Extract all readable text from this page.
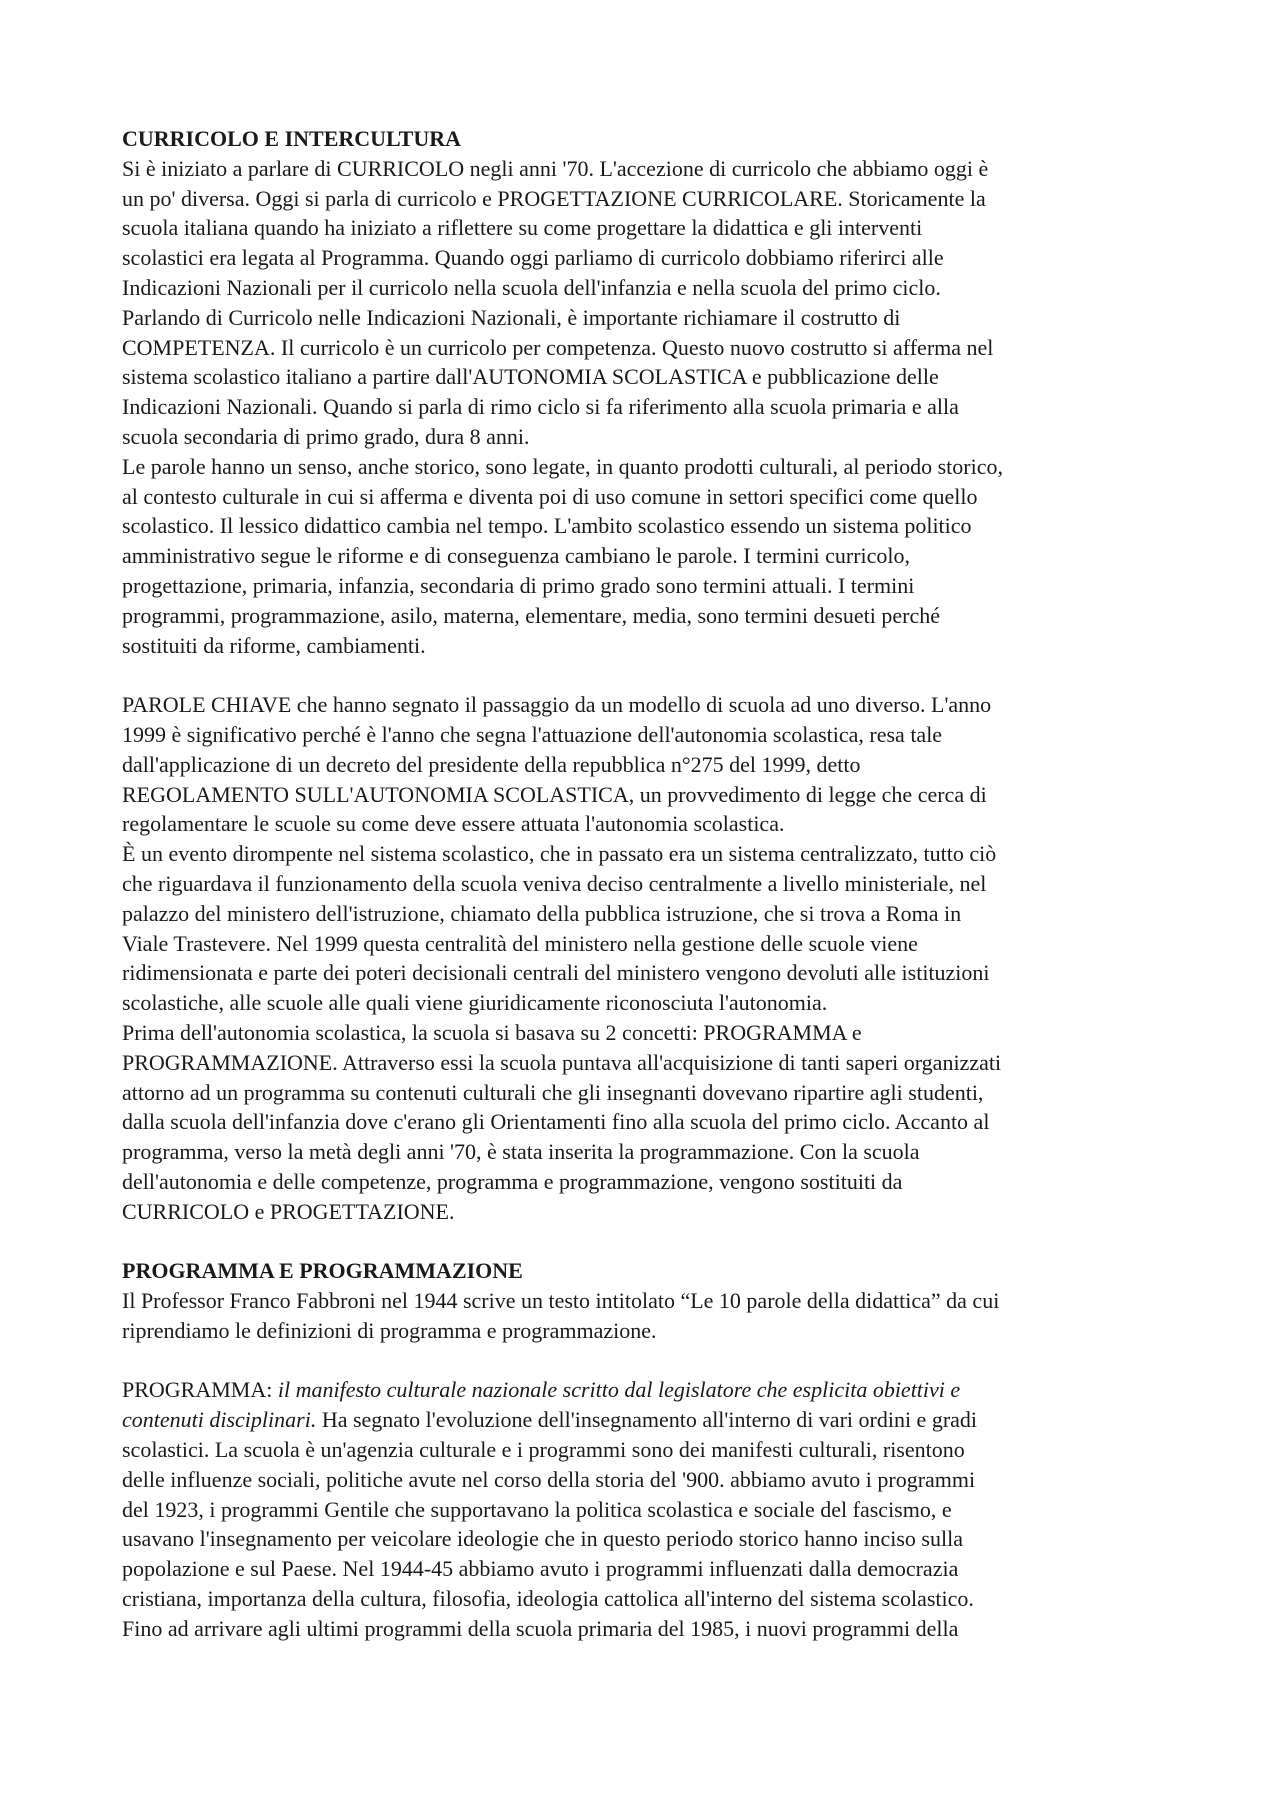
CURRICOLO E INTERCULTURA
Si è iniziato a parlare di CURRICOLO negli anni '70. L'accezione di curricolo che abbiamo oggi è
un po' diversa. Oggi si parla di curricolo e PROGETTAZIONE CURRICOLARE. Storicamente la
scuola italiana quando ha iniziato a riflettere su come progettare la didattica e gli interventi
scolastici era legata al Programma. Quando oggi parliamo di curricolo dobbiamo riferirci alle
Indicazioni Nazionali per il curricolo nella scuola dell'infanzia e nella scuola del primo ciclo.
Parlando di Curricolo nelle Indicazioni Nazionali, è importante richiamare il costrutto di
COMPETENZA. Il curricolo è un curricolo per competenza. Questo nuovo costrutto si afferma nel
sistema scolastico italiano a partire dall'AUTONOMIA SCOLASTICA e pubblicazione delle
Indicazioni Nazionali. Quando si parla di rimo ciclo si fa riferimento alla scuola primaria e alla
scuola secondaria di primo grado, dura 8 anni.
Le parole hanno un senso, anche storico, sono legate, in quanto prodotti culturali, al periodo storico,
al contesto culturale in cui si afferma e diventa poi di uso comune in settori specifici come quello
scolastico. Il lessico didattico cambia nel tempo. L'ambito scolastico essendo un sistema politico
amministrativo segue le riforme e di conseguenza cambiano le parole. I termini curricolo,
progettazione, primaria, infanzia, secondaria di primo grado sono termini attuali. I termini
programmi, programmazione, asilo, materna, elementare, media, sono termini desueti perché
sostituiti da riforme, cambiamenti.
PAROLE CHIAVE che hanno segnato il passaggio da un modello di scuola ad uno diverso. L'anno
1999 è significativo perché è l'anno che segna l'attuazione dell'autonomia scolastica, resa tale
dall'applicazione di un decreto del presidente della repubblica n°275 del 1999, detto
REGOLAMENTO SULL'AUTONOMIA SCOLASTICA, un provvedimento di legge che cerca di
regolamentare le scuole su come deve essere attuata l'autonomia scolastica.
È un evento dirompente nel sistema scolastico, che in passato era un sistema centralizzato, tutto ciò
che riguardava il funzionamento della scuola veniva deciso centralmente a livello ministeriale, nel
palazzo del ministero dell'istruzione, chiamato della pubblica istruzione, che si trova a Roma in
Viale Trastevere. Nel 1999 questa centralità del ministero nella gestione delle scuole viene
ridimensionata e parte dei poteri decisionali centrali del ministero vengono devoluti alle istituzioni
scolastiche, alle scuole alle quali viene giuridicamente riconosciuta l'autonomia.
Prima dell'autonomia scolastica, la scuola si basava su 2 concetti: PROGRAMMA e
PROGRAMMAZIONE. Attraverso essi la scuola puntava all'acquisizione di tanti saperi organizzati
attorno ad un programma su contenuti culturali che gli insegnanti dovevano ripartire agli studenti,
dalla scuola dell'infanzia dove c'erano gli Orientamenti fino alla scuola del primo ciclo. Accanto al
programma, verso la metà degli anni '70, è stata inserita la programmazione. Con la scuola
dell'autonomia e delle competenze, programma e programmazione, vengono sostituiti da
CURRICOLO e PROGETTAZIONE.
PROGRAMMA E PROGRAMMAZIONE
Il Professor Franco Fabbroni nel 1944 scrive un testo intitolato “Le 10 parole della didattica” da cui
riprendiamo le definizioni di programma e programmazione.
PROGRAMMA: il manifesto culturale nazionale scritto dal legislatore che esplicita obiettivi e
contenuti disciplinari. Ha segnato l'evoluzione dell'insegnamento all'interno di vari ordini e gradi
scolastici. La scuola è un'agenzia culturale e i programmi sono dei manifesti culturali, risentono
delle influenze sociali, politiche avute nel corso della storia del '900. abbiamo avuto i programmi
del 1923, i programmi Gentile che supportavano la politica scolastica e sociale del fascismo, e
usavano l'insegnamento per veicolare ideologie che in questo periodo storico hanno inciso sulla
popolazione e sul Paese. Nel 1944-45 abbiamo avuto i programmi influenzati dalla democrazia
cristiana, importanza della cultura, filosofia, ideologia cattolica all'interno del sistema scolastico.
Fino ad arrivare agli ultimi programmi della scuola primaria del 1985, i nuovi programmi della
